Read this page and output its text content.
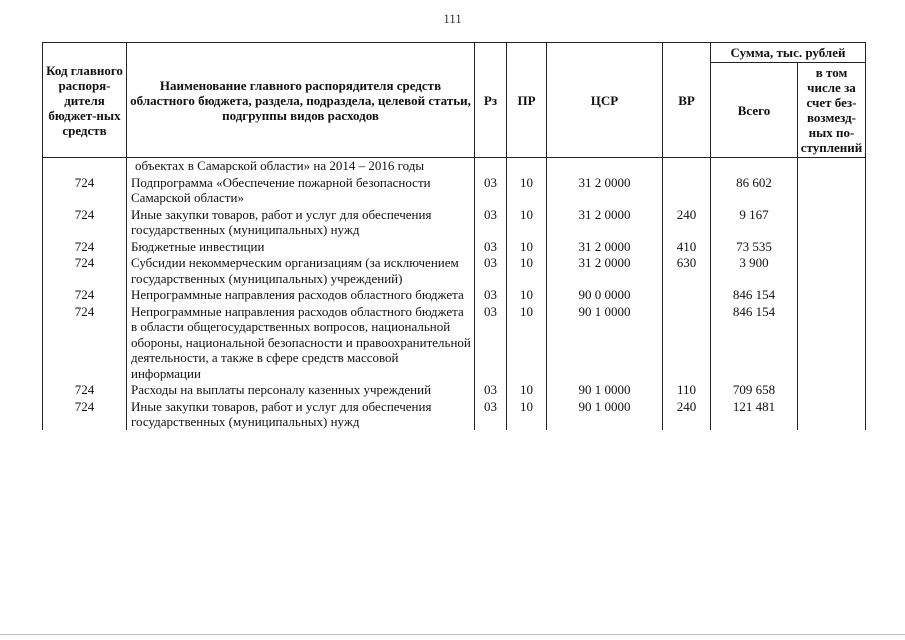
111
Код главного распоря-дителя бюджет-ных средств	Наименование главного распорядителя средств областного бюджета, раздела, подраздела, целевой статьи, подгруппы видов расходов	Рз	ПР	ЦСР	ВР	Сумма, тыс. рублей	
						Всего	в том числе за счет без-возмезд-ных по-ступлений
	объектах в Самарской области» на 2014 – 2016 годы						
724	Подпрограмма «Обеспечение пожарной безопасности Самарской области»	03	10	31 2 0000		86 602	
724	Иные закупки товаров, работ и услуг для обеспечения государственных (муниципальных) нужд	03	10	31 2 0000	240	9 167	
724	Бюджетные инвестиции	03	10	31 2 0000	410	73 535	
724	Субсидии некоммерческим организациям (за исключением государственных (муниципальных) учреждений)	03	10	31 2 0000	630	3 900	
724	Непрограммные направления расходов областного бюджета	03	10	90 0 0000		846 154	
724	Непрограммные направления расходов областного бюджета в области общегосударственных вопросов, национальной обороны, национальной безопасности и правоохранительной деятельности, а также в сфере средств массовой информации	03	10	90 1 0000		846 154	
724	Расходы на выплаты персоналу казенных учреждений	03	10	90 1 0000	110	709 658	
724	Иные закупки товаров, работ и услуг для обеспечения государственных (муниципальных) нужд	03	10	90 1 0000	240	121 481	
